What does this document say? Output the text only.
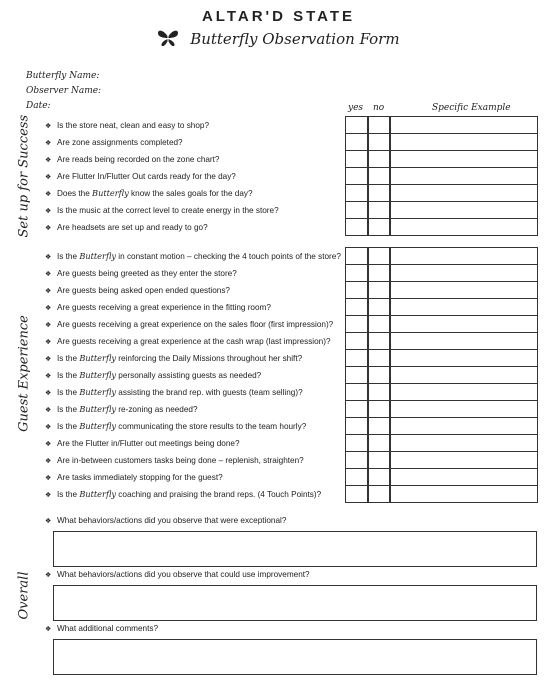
ALTAR'D STATE
Butterfly Observation Form
Butterfly Name:
Observer Name:
Date:	yes no	Specific Example
Set up for Success
Guest Experience
Overall
❖ Is the store neat, clean and easy to shop?
❖ Are zone assignments completed?
❖ Are reads being recorded on the zone chart?
❖ Are Flutter In/Flutter Out cards ready for the day?
❖ Does the Butterfly know the sales goals for the day?
❖ Is the music at the correct level to create energy in the store?
❖ Are headsets are set up and ready to go?
❖ Is the Butterfly in constant motion – checking the 4 touch points of the store?
❖ Are guests being greeted as they enter the store?
❖ Are guests being asked open ended questions?
❖ Are guests receiving a great experience in the fitting room?
❖ Are guests receiving a great experience on the sales floor (first impression)?
❖ Are guests receiving a great experience at the cash wrap (last impression)?
❖ Is the Butterfly reinforcing the Daily Missions throughout her shift?
❖ Is the Butterfly personally assisting guests as needed?
❖ Is the Butterfly assisting the brand rep. with guests (team selling)?
❖ Is the Butterfly re-zoning as needed?
❖ Is the Butterfly communicating the store results to the team hourly?
❖ Are the Flutter in/Flutter out meetings being done?
❖ Are in-between customers tasks being done – replenish, straighten?
❖ Are tasks immediately stopping for the guest?
❖ Is the Butterfly coaching and praising the brand reps. (4 Touch Points)?
❖ What behaviors/actions did you observe that were exceptional?
❖ What behaviors/actions did you observe that could use improvement?
❖ What additional comments?
